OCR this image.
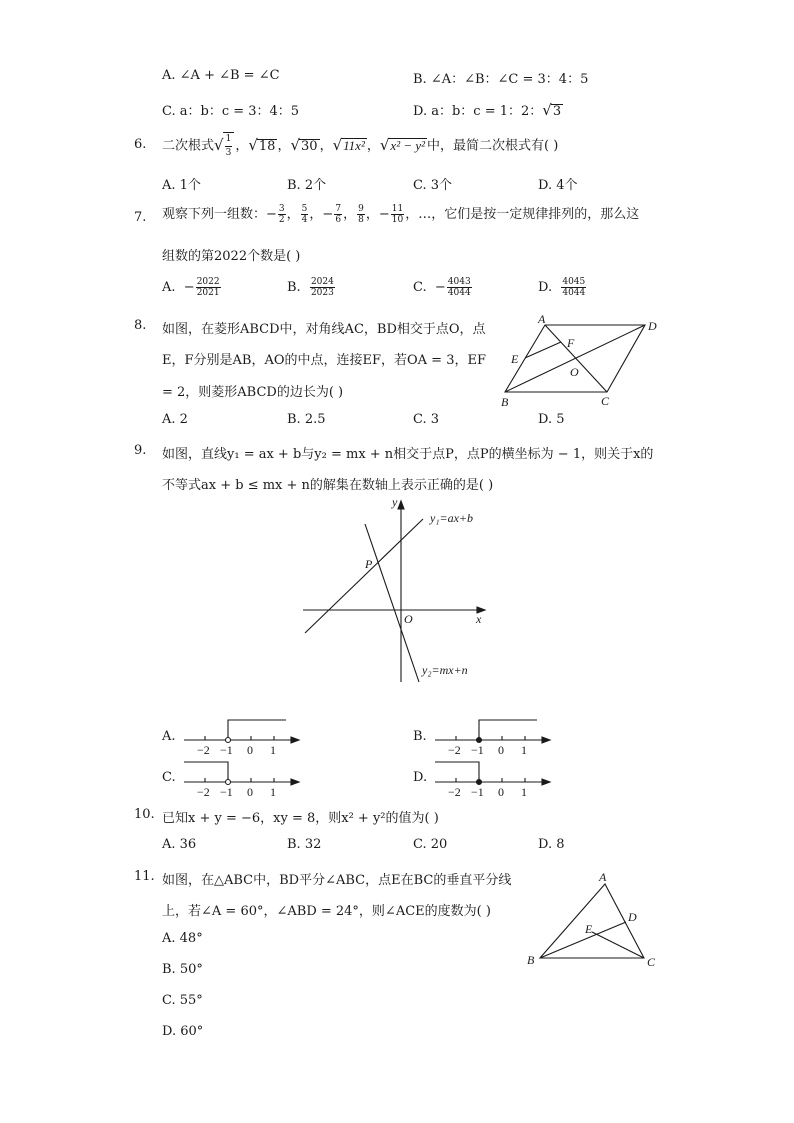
A. ∠A + ∠B = ∠C	B. ∠A：∠B：∠C = 3：4：5
C. a：b：c = 3：4：5	D. a：b：c = 1：2：√3
6.	二次根式√ $\frac{1}{3}$ ，√18 ，√30 ，√11x² ，√x² − y² 中，最简二次根式有( )
A. 1个	B. 2个	C. 3个	D. 4个
7.	观察下列一组数：− $\frac{3}{2}$ ， $\frac{5}{4}$ ，− $\frac{7}{6}$ ， $\frac{9}{8}$ ，− $\frac{11}{10}$ ，…，它们是按一定规律排列的，那么这
组数的第2022个数是( )
A. − $\frac{2022}{2021}$	B. $\frac{2024}{2023}$	C. − $\frac{4043}{4044}$	D. $\frac{4045}{4044}$
8.	如图，在菱形ABCD中，对角线AC，BD相交于点O，点
E，F分别是AB，AO的中点，连接EF，若OA = 3，EF
= 2，则菱形ABCD的边长为( )
A. 2	B. 2.5	C. 3	D. 5
A	D
B	C
E
F
O
9.	如图，直线y₁ = ax + b与y₂ = mx + n相交于点P，点P的横坐标为 − 1，则关于x的
不等式ax + b ≤ mx + n的解集在数轴上表示正确的是( )
y
x
O
P
y₁=ax+b
y₂=mx+n
A.	B.
C.	D.
−2 −1 0 1	−2 −1 0 1
−2 −1 0 1	−2 −1 0 1
10. 已知x + y = −6，xy = 8，则x² + y²的值为( )
A. 36	B. 32	C. 20	D. 8
11. 如图，在△ABC中，BD平分∠ABC，点E在BC的垂直平分线
上，若∠A = 60°，∠ABD = 24°，则∠ACE的度数为( )
A. 48°
B. 50°
C. 55°
D. 60°
A
B	C
D
E
